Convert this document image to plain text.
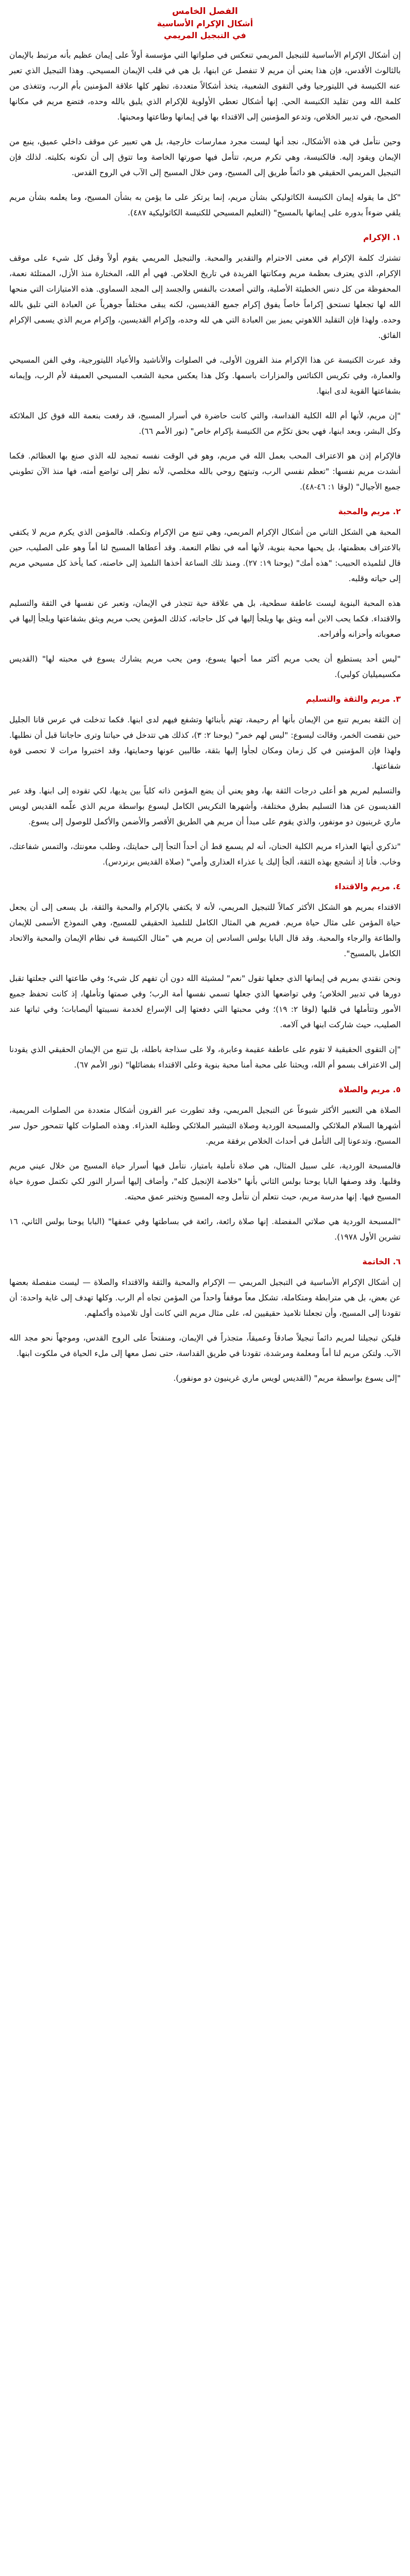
الفصل الخامس
أشكال الإكرام الأساسية
في التبجيل المريمي

إن أشكال الإكرام الأساسية للتبجيل المريمي تنعكس في صلواتها التي مؤسسة أولاً على إيمان عظيم بأنه مرتبط بالإيمان بالثالوث الأقدس، فإن هذا يعني أن مريم لا تنفصل عن ابنها، بل هي في قلب الإيمان المسيحي. وهذا التبجيل الذي تعبر عنه الكنيسة في الليتورجيا وفي التقوى الشعبية، يتخذ أشكالاً متعددة، تظهر كلها علاقة المؤمنين بأم الرب، وتتغذى من كلمة الله ومن تقليد الكنيسة الحي. إنها أشكال تعطي الأولوية للإكرام الذي يليق بالله وحده، فتضع مريم في مكانها الصحيح، في تدبير الخلاص، وتدعو المؤمنين إلى الاقتداء بها في إيمانها وطاعتها ومحبتها.

وحين نتأمل في هذه الأشكال، نجد أنها ليست مجرد ممارسات خارجية، بل هي تعبير عن موقف داخلي عميق، ينبع من الإيمان ويقود إليه. فالكنيسة، وهي تكرم مريم، تتأمل فيها صورتها الخاصة وما تتوق إلى أن تكونه بكليته. لذلك فإن التبجيل المريمي الحقيقي هو دائماً طريق إلى المسيح، ومن خلال المسيح إلى الآب في الروح القدس.

"كل ما يقوله إيمان الكنيسة الكاثوليكي بشأن مريم، إنما يرتكز على ما يؤمن به بشأن المسيح، وما يعلمه بشأن مريم يلقي ضوءاً بدوره على إيمانها بالمسيح" (التعليم المسيحي للكنيسة الكاثوليكية ٤٨٧).

١. الإكرام

تشترك كلمة الإكرام في معنى الاحترام والتقدير والمحبة. والتبجيل المريمي يقوم أولاً وقبل كل شيء على موقف الإكرام، الذي يعترف بعظمة مريم ومكانتها الفريدة في تاريخ الخلاص. فهي أم الله، المختارة منذ الأزل، الممتلئة نعمة، المحفوظة من كل دنس الخطيئة الأصلية، والتي أصعدت بالنفس والجسد إلى المجد السماوي. هذه الامتيازات التي منحها الله لها تجعلها تستحق إكراماً خاصاً يفوق إكرام جميع القديسين، لكنه يبقى مختلفاً جوهرياً عن العبادة التي تليق بالله وحده. ولهذا فإن التقليد اللاهوتي يميز بين العبادة التي هي لله وحده، وإكرام القديسين، وإكرام مريم الذي يسمى الإكرام الفائق.

وقد عبرت الكنيسة عن هذا الإكرام منذ القرون الأولى، في الصلوات والأناشيد والأعياد الليتورجية، وفي الفن المسيحي والعمارة، وفي تكريس الكنائس والمزارات باسمها. وكل هذا يعكس محبة الشعب المسيحي العميقة لأم الرب، وإيمانه بشفاعتها القوية لدى ابنها.

"إن مريم، لأنها أم الله الكلية القداسة، والتي كانت حاضرة في أسرار المسيح، قد رفعت بنعمة الله فوق كل الملائكة وكل البشر، وبعد ابنها، فهي بحق تكرَّم من الكنيسة بإكرام خاص" (نور الأمم ٦٦).

فالإكرام إذن هو الاعتراف المحب بعمل الله في مريم، وهو في الوقت نفسه تمجيد لله الذي صنع بها العظائم. فكما أنشدت مريم نفسها: "تعظم نفسي الرب، وتبتهج روحي بالله مخلصي، لأنه نظر إلى تواضع أمته، فها منذ الآن تطوبني جميع الأجيال" (لوقا ١: ٤٦-٤٨).

٢. مريم والمحبة

المحبة هي الشكل الثاني من أشكال الإكرام المريمي، وهي تنبع من الإكرام وتكمله. فالمؤمن الذي يكرم مريم لا يكتفي بالاعتراف بعظمتها، بل يحبها محبة بنوية، لأنها أمه في نظام النعمة. وقد أعطاها المسيح لنا أماً وهو على الصليب، حين قال لتلميذه الحبيب: "هذه أمك" (يوحنا ١٩: ٢٧). ومنذ تلك الساعة أخذها التلميذ إلى خاصته، كما يأخذ كل مسيحي مريم إلى حياته وقلبه.

هذه المحبة البنوية ليست عاطفة سطحية، بل هي علاقة حية تتجذر في الإيمان، وتعبر عن نفسها في الثقة والتسليم والاقتداء. فكما يحب الابن أمه ويثق بها ويلجأ إليها في كل حاجاته، كذلك المؤمن يحب مريم ويثق بشفاعتها ويلجأ إليها في صعوباته وأحزانه وأفراحه.

"ليس أحد يستطيع أن يحب مريم أكثر مما أحبها يسوع، ومن يحب مريم يشارك يسوع في محبته لها" (القديس مكسيميليان كولبي).

٣. مريم والثقة والتسليم

إن الثقة بمريم تنبع من الإيمان بأنها أم رحيمة، تهتم بأبنائها وتشفع فيهم لدى ابنها. فكما تدخلت في عرس قانا الجليل حين نقصت الخمر، وقالت ليسوع: "ليس لهم خمر" (يوحنا ٢: ٣)، كذلك هي تتدخل في حياتنا وترى حاجاتنا قبل أن نطلبها. ولهذا فإن المؤمنين في كل زمان ومكان لجأوا إليها بثقة، طالبين عونها وحمايتها، وقد اختبروا مرات لا تحصى قوة شفاعتها.

والتسليم لمريم هو أعلى درجات الثقة بها، وهو يعني أن يضع المؤمن ذاته كلياً بين يديها، لكي تقوده إلى ابنها. وقد عبر القديسون عن هذا التسليم بطرق مختلفة، وأشهرها التكريس الكامل ليسوع بواسطة مريم الذي علّمه القديس لويس ماري غرينيون دو مونفور، والذي يقوم على مبدأ أن مريم هي الطريق الأقصر والأضمن والأكمل للوصول إلى يسوع.

"تذكري أيتها العذراء مريم الكلية الحنان، أنه لم يسمع قط أن أحداً التجأ إلى حمايتك، وطلب معونتك، والتمس شفاعتك، وخاب. فأنا إذ أتشجع بهذه الثقة، ألجأ إليك يا عذراء العذارى وأمي" (صلاة القديس برنردس).

٤. مريم والاقتداء

الاقتداء بمريم هو الشكل الأكثر كمالاً للتبجيل المريمي، لأنه لا يكتفي بالإكرام والمحبة والثقة، بل يسعى إلى أن يجعل حياة المؤمن على مثال حياة مريم. فمريم هي المثال الكامل للتلميذ الحقيقي للمسيح، وهي النموذج الأسمى للإيمان والطاعة والرجاء والمحبة. وقد قال البابا بولس السادس إن مريم هي "مثال الكنيسة في نظام الإيمان والمحبة والاتحاد الكامل بالمسيح".

ونحن نقتدي بمريم في إيمانها الذي جعلها تقول "نعم" لمشيئة الله دون أن تفهم كل شيء؛ وفي طاعتها التي جعلتها تقبل دورها في تدبير الخلاص؛ وفي تواضعها الذي جعلها تسمي نفسها أمة الرب؛ وفي صمتها وتأملها، إذ كانت تحفظ جميع الأمور وتتأملها في قلبها (لوقا ٢: ١٩)؛ وفي محبتها التي دفعتها إلى الإسراع لخدمة نسيبتها أليصابات؛ وفي ثباتها عند الصليب، حيث شاركت ابنها في آلامه.

"إن التقوى الحقيقية لا تقوم على عاطفة عقيمة وعابرة، ولا على سذاجة باطلة، بل تنبع من الإيمان الحقيقي الذي يقودنا إلى الاعتراف بسمو أم الله، ويحثنا على محبة أمنا محبة بنوية وعلى الاقتداء بفضائلها" (نور الأمم ٦٧).

٥. مريم والصلاة

الصلاة هي التعبير الأكثر شيوعاً عن التبجيل المريمي، وقد تطورت عبر القرون أشكال متعددة من الصلوات المريمية، أشهرها السلام الملائكي والمسبحة الوردية وصلاة التبشير الملائكي وطلبة العذراء. وهذه الصلوات كلها تتمحور حول سر المسيح، وتدعونا إلى التأمل في أحداث الخلاص برفقة مريم.

فالمسبحة الوردية، على سبيل المثال، هي صلاة تأملية بامتياز، نتأمل فيها أسرار حياة المسيح من خلال عيني مريم وقلبها. وقد وصفها البابا يوحنا بولس الثاني بأنها "خلاصة الإنجيل كله"، وأضاف إليها أسرار النور لكي تكتمل صورة حياة المسيح فيها. إنها مدرسة مريم، حيث نتعلم أن نتأمل وجه المسيح ونختبر عمق محبته.

"المسبحة الوردية هي صلاتي المفضلة. إنها صلاة رائعة، رائعة في بساطتها وفي عمقها" (البابا يوحنا بولس الثاني، ١٦ تشرين الأول ١٩٧٨).

٦. الخاتمة

إن أشكال الإكرام الأساسية في التبجيل المريمي — الإكرام والمحبة والثقة والاقتداء والصلاة — ليست منفصلة بعضها عن بعض، بل هي مترابطة ومتكاملة، تشكل معاً موقفاً واحداً من المؤمن تجاه أم الرب. وكلها تهدف إلى غاية واحدة: أن تقودنا إلى المسيح، وأن تجعلنا تلاميذ حقيقيين له، على مثال مريم التي كانت أول تلاميذه وأكملهم.

فليكن تبجيلنا لمريم دائماً تبجيلاً صادقاً وعميقاً، متجذراً في الإيمان، ومنفتحاً على الروح القدس، وموجهاً نحو مجد الله الآب. ولتكن مريم لنا أماً ومعلمة ومرشدة، تقودنا في طريق القداسة، حتى نصل معها إلى ملء الحياة في ملكوت ابنها.

"إلى يسوع بواسطة مريم" (القديس لويس ماري غرينيون دو مونفور).
